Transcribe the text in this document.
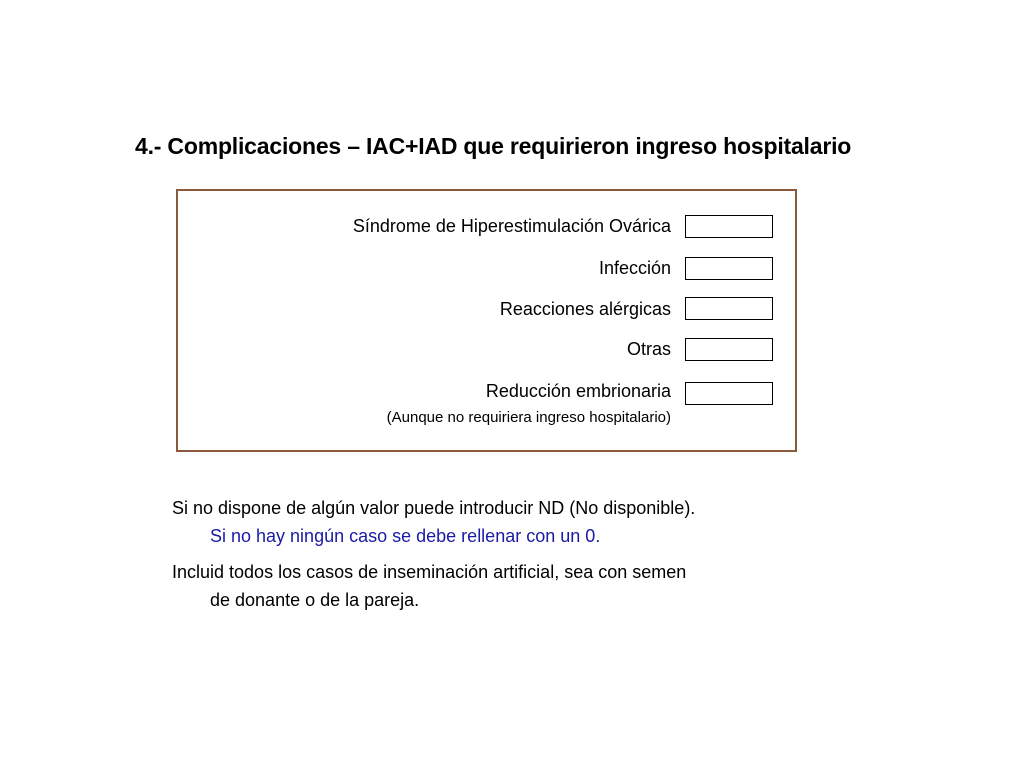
4.- Complicaciones – IAC+IAD que requirieron ingreso hospitalario
Síndrome de Hiperestimulación Ovárica
Infección
Reacciones alérgicas
Otras
Reducción embrionaria
(Aunque no requiriera ingreso hospitalario)
Si no dispone de algún valor puede introducir ND (No disponible).
Si no hay ningún caso se debe rellenar con un 0.
Incluid todos los casos de inseminación artificial, sea con semen
de donante o de la pareja.
